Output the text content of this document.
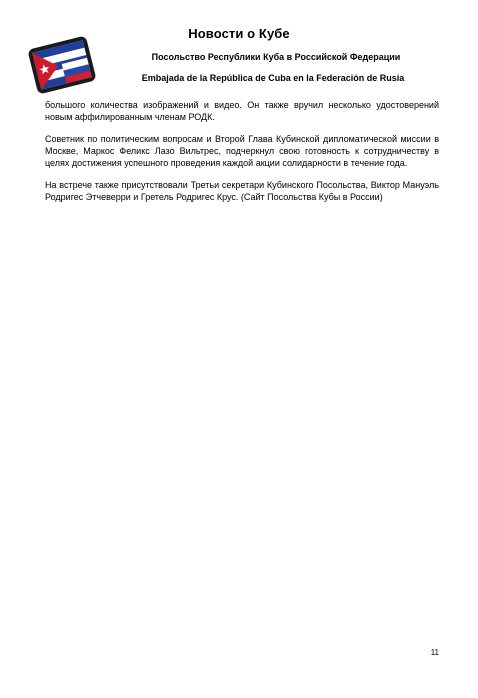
Новости о Кубе
Посольство Республики Куба в Российской Федерации
Embajada de la República de Cuba en la Federación de Rusia

большого количества изображений и видео. Он также вручил несколько удостоверений новым аффилированным членам РОДК.

Советник по политическим вопросам и Второй Глава Кубинской дипломатической миссии в Москве, Маркос Феликс Лазо Вильтрес, подчеркнул свою готовность к сотрудничеству в целях достижения успешного проведения каждой акции солидарности в течение года.

На встрече также присутствовали Третьи секретари Кубинского Посольства, Виктор Мануэль Родригес Этчеверри и Гретель Родригес Крус. (Сайт Посольства Кубы в России)

11
